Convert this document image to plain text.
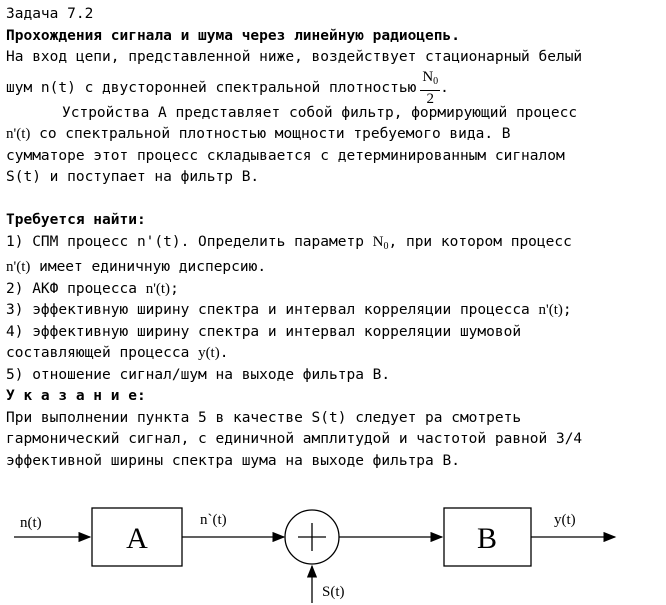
Задача 7.2
Прохождения сигнала и шума через линейную радиоцепь.
На вход цепи, представленной ниже, воздействует стационарный белый
шум n(t) с двусторонней спектральной плотностью $\frac{N_0}{2}$ .
Устройства А представляет собой фильтр, формирующий процесс
n'(t) со спектральной плотностью мощности требуемого вида. В
сумматоре этот процесс складывается с детерминированным сигналом
S(t) и поступает на фильтр В.
Требуется найти:
1) СПМ процесс n'(t). Определить параметр $N_0$, при котором процесс
n'(t) имеет единичную дисперсию.
2) АКФ процесса n'(t);
3) эффективную ширину спектра и интервал корреляции процесса n'(t);
4) эффективную ширину спектра и интервал корреляции шумовой
составляющей процесса y(t).
5) отношение сигнал/шум на выходе фильтра В.
У к а з а н и е:
При выполнении пункта 5 в качестве S(t) следует ра смотреть
гармонический сигнал, с единичной амплитудой и частотой равной 3/4
эффективной ширины спектра шума на выходе фильтра В.
n(t)	A
n`(t)
S(t)
B
y(t)
